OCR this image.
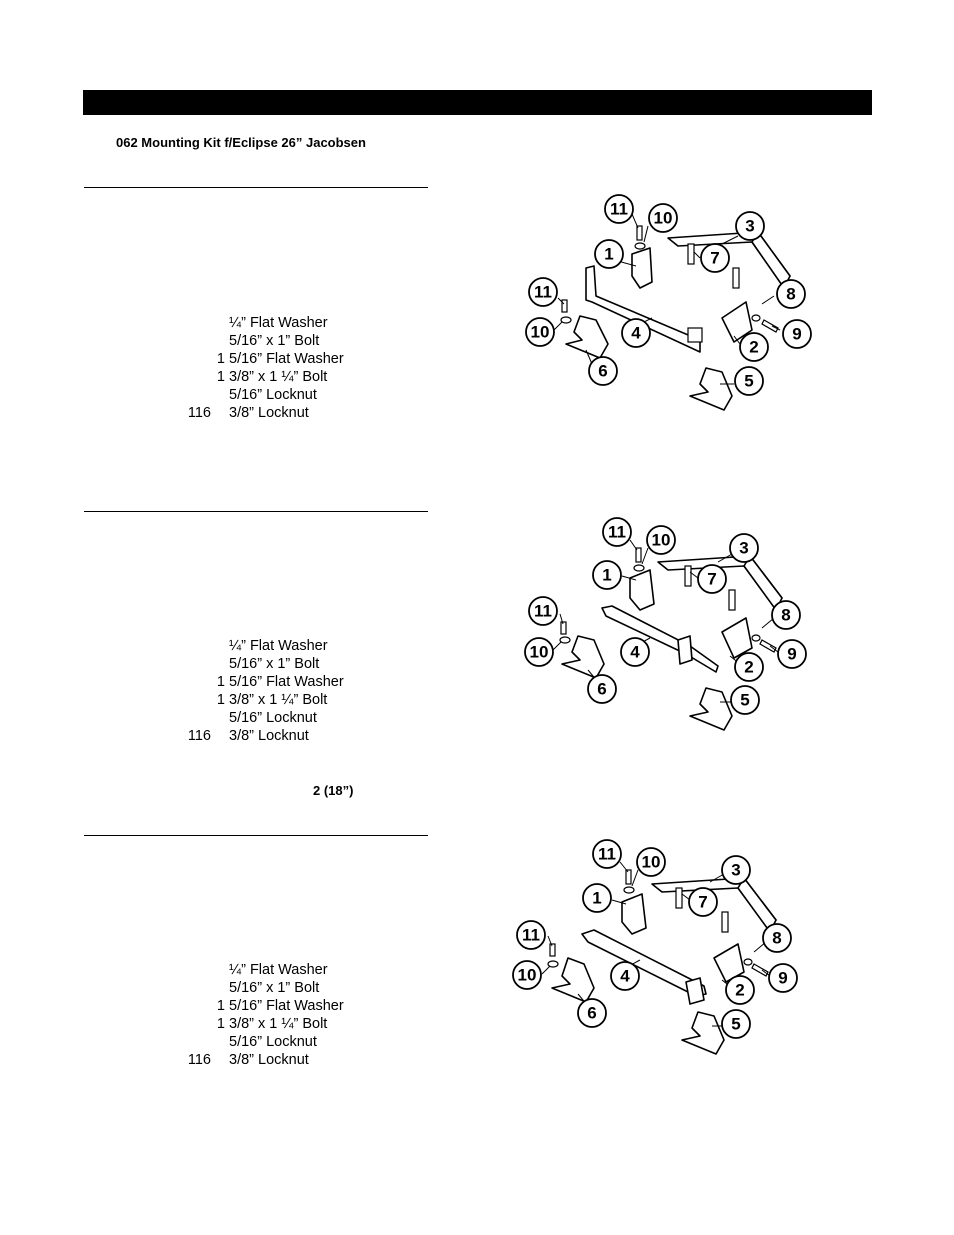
062 Mounting Kit f/Eclipse 26” Jacobsen
¼” Flat Washer
5/16” x 1” Bolt
1 5/16” Flat Washer
1 3/8” x 1 ¼” Bolt
5/16” Locknut
116 3/8” Locknut
¼” Flat Washer
5/16” x 1” Bolt
1 5/16” Flat Washer
1 3/8” x 1 ¼” Bolt
5/16” Locknut
116 3/8” Locknut
2 (18”)
¼” Flat Washer
5/16” x 1” Bolt
1 5/16” Flat Washer
1 3/8” x 1 ¼” Bolt
5/16” Locknut
116 3/8” Locknut
11 10	3
1	7
11	8
10	4	9
2
6
5
11 10	3
1	7
11	8
10	4	9
2
6
5
11 10	3
1	7
11	8
10	4	9
2
6
5
